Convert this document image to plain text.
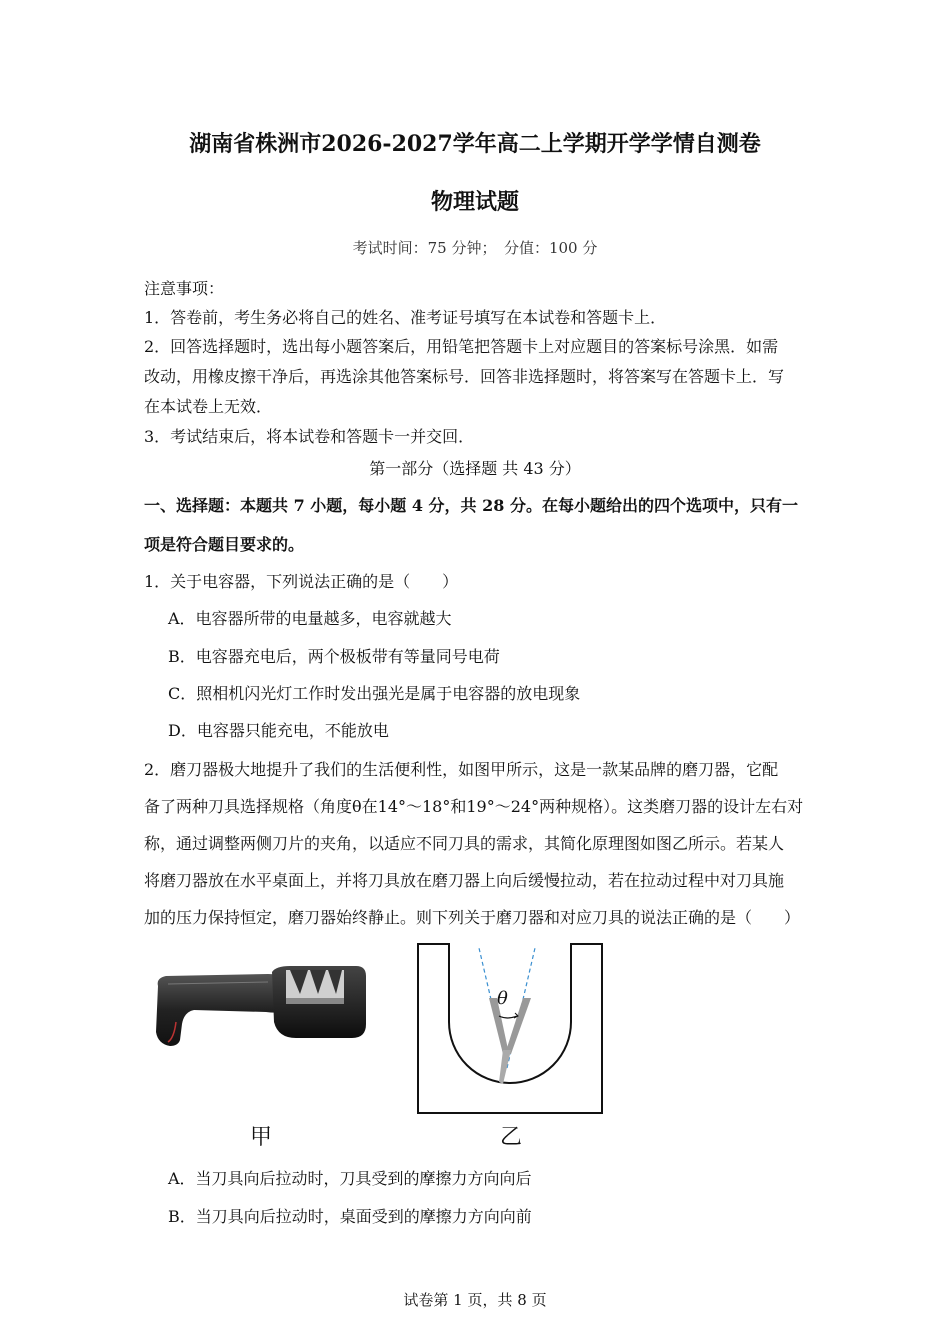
湖南省株洲市2026-2027学年高二上学期开学学情自测卷
物理试题
考试时间：75 分钟；　分值：100 分
注意事项：
1．答卷前，考生务必将自己的姓名、准考证号填写在本试卷和答题卡上．
2．回答选择题时，选出每小题答案后，用铅笔把答题卡上对应题目的答案标号涂黑．如需
改动，用橡皮擦干净后，再选涂其他答案标号．回答非选择题时，将答案写在答题卡上．写
在本试卷上无效．
3．考试结束后，将本试卷和答题卡一并交回．
第一部分（选择题 共 43 分）
一、选择题：本题共 7 小题，每小题 4 分，共 28 分。在每小题给出的四个选项中，只有一
项是符合题目要求的。
1．关于电容器，下列说法正确的是（　　）
A．电容器所带的电量越多，电容就越大
B．电容器充电后，两个极板带有等量同号电荷
C．照相机闪光灯工作时发出强光是属于电容器的放电现象
D．电容器只能充电，不能放电
2．磨刀器极大地提升了我们的生活便利性，如图甲所示，这是一款某品牌的磨刀器，它配
备了两种刀具选择规格（角度θ在14°～18°和19°～24°两种规格）。这类磨刀器的设计左右对
称，通过调整两侧刀片的夹角，以适应不同刀具的需求，其简化原理图如图乙所示。若某人
将磨刀器放在水平桌面上，并将刀具放在磨刀器上向后缓慢拉动，若在拉动过程中对刀具施
加的压力保持恒定，磨刀器始终静止。则下列关于磨刀器和对应刀具的说法正确的是（　　）
甲
θ
乙
A．当刀具向后拉动时，刀具受到的摩擦力方向向后
B．当刀具向后拉动时，桌面受到的摩擦力方向向前
试卷第 1 页，共 8 页
